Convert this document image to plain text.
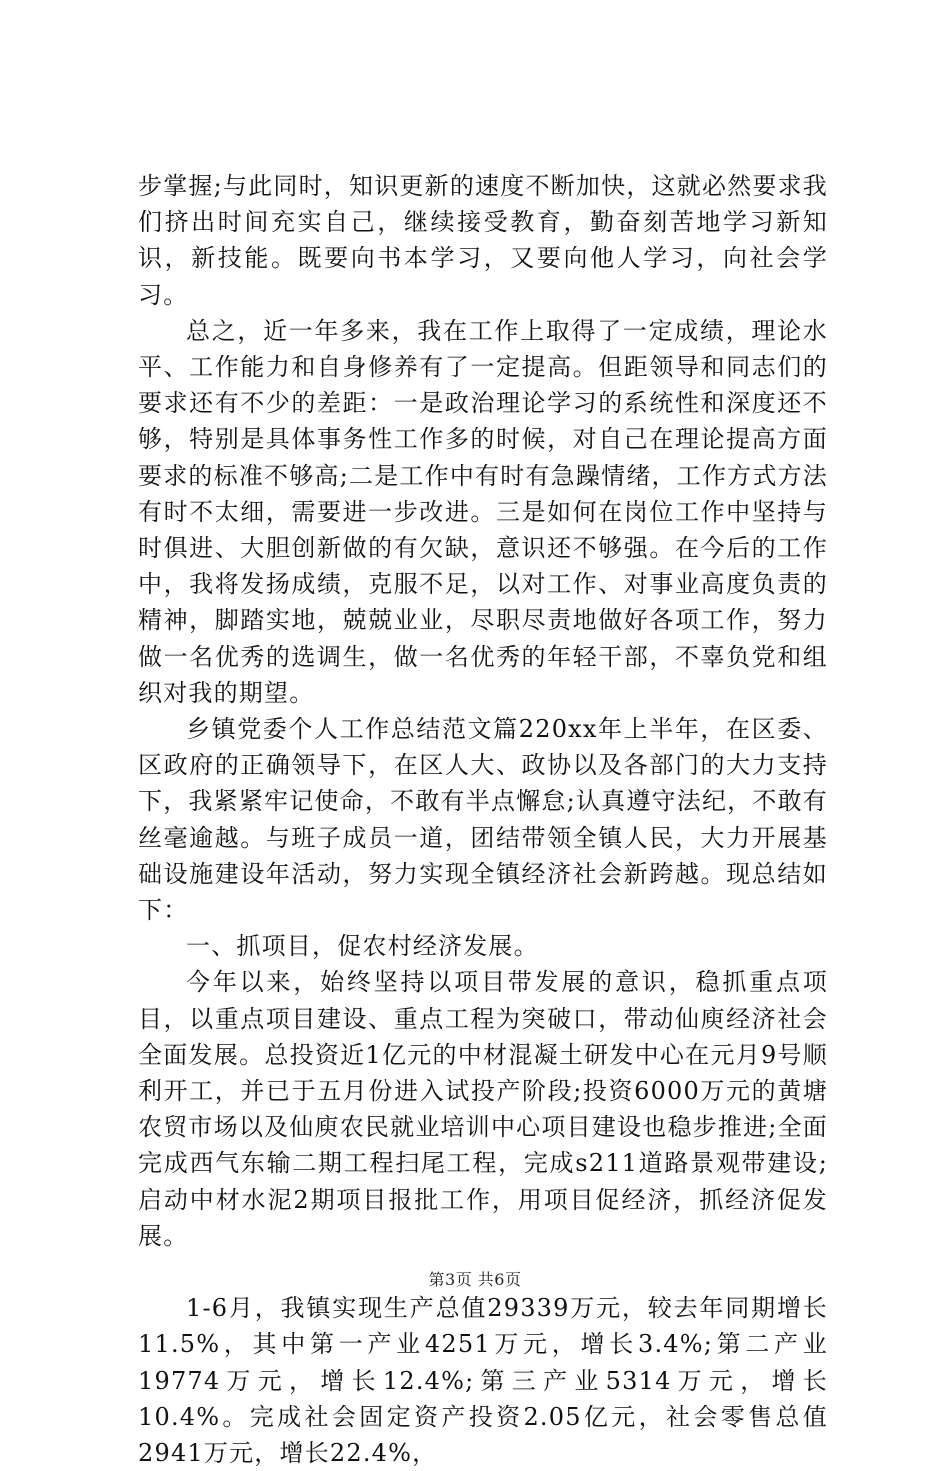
步掌握;与此同时，知识更新的速度不断加快，这就必然要求我们挤出时间充实自己，继续接受教育，勤奋刻苦地学习新知识，新技能。既要向书本学习，又要向他人学习，向社会学习。

总之，近一年多来，我在工作上取得了一定成绩，理论水平、工作能力和自身修养有了一定提高。但距领导和同志们的要求还有不少的差距：一是政治理论学习的系统性和深度还不够，特别是具体事务性工作多的时候，对自己在理论提高方面要求的标准不够高;二是工作中有时有急躁情绪，工作方式方法有时不太细，需要进一步改进。三是如何在岗位工作中坚持与时俱进、大胆创新做的有欠缺，意识还不够强。在今后的工作中，我将发扬成绩，克服不足，以对工作、对事业高度负责的精神，脚踏实地，兢兢业业，尽职尽责地做好各项工作，努力做一名优秀的选调生，做一名优秀的年轻干部，不辜负党和组织对我的期望。

乡镇党委个人工作总结范文篇220xx年上半年，在区委、区政府的正确领导下，在区人大、政协以及各部门的大力支持下，我紧紧牢记使命，不敢有半点懈怠;认真遵守法纪，不敢有丝毫逾越。与班子成员一道，团结带领全镇人民，大力开展基础设施建设年活动，努力实现全镇经济社会新跨越。现总结如下：

一、抓项目，促农村经济发展。

今年以来，始终坚持以项目带发展的意识，稳抓重点项目，以重点项目建设、重点工程为突破口，带动仙庾经济社会全面发展。总投资近1亿元的中材混凝土研发中心在元月9号顺利开工，并已于五月份进入试投产阶段;投资6000万元的黄塘农贸市场以及仙庾农民就业培训中心项目建设也稳步推进;全面完成西气东输二期工程扫尾工程，完成s211道路景观带建设;启动中材水泥2期项目报批工作，用项目促经济，抓经济促发展。

1-6月，我镇实现生产总值29339万元，较去年同期增长11.5%，其中第一产业4251万元，增长3.4%;第二产业19774万元，增长12.4%;第三产业5314万元，增长10.4%。完成社会固定资产投资2.05亿元，社会零售总值2941万元，增长22.4%，

第3页 共6页
